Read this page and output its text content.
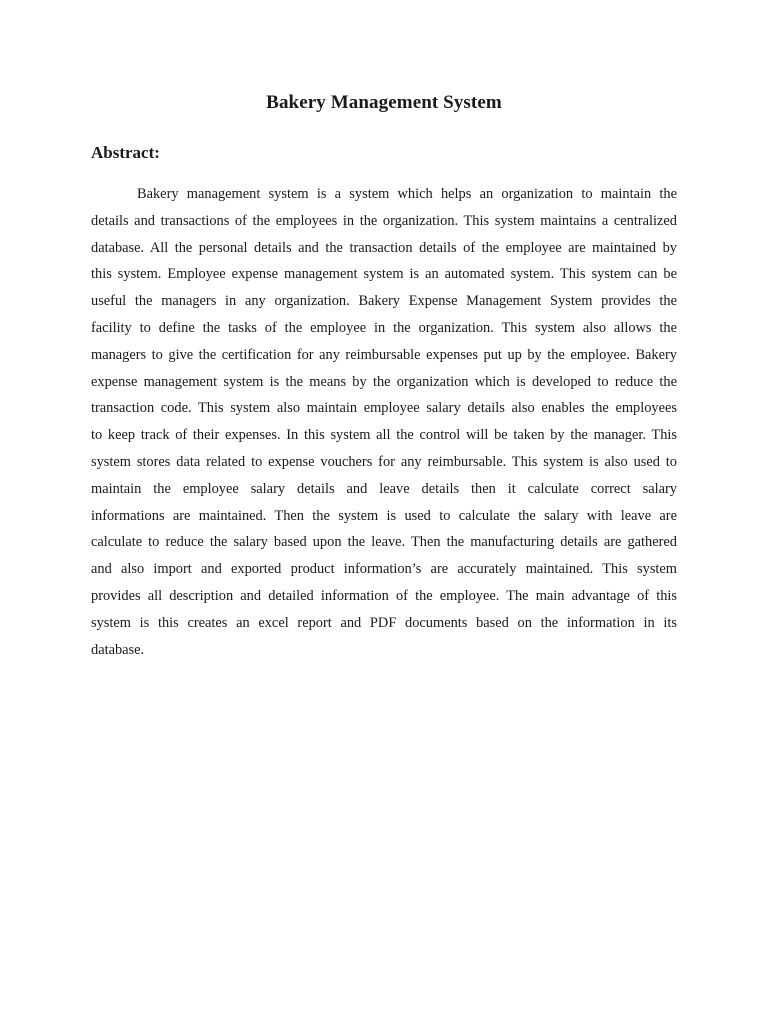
Bakery Management System
Abstract:
Bakery management system is a system which helps an organization to maintain the
details and transactions of the employees in the organization. This system maintains a centralized
database. All the personal details and the transaction details of the employee are maintained by
this system. Employee expense management system is an automated system. This system can be
useful the managers in any organization. Bakery Expense Management System provides the
facility to define the tasks of the employee in the organization. This system also allows the
managers to give the certification for any reimbursable expenses put up by the employee. Bakery
expense management system is the means by the organization which is developed to reduce the
transaction code. This system also maintain employee salary details also enables the employees
to keep track of their expenses. In this system all the control will be taken by the manager. This
system stores data related to expense vouchers for any reimbursable. This system is also used to
maintain the employee salary details and leave details then it calculate correct salary
informations are maintained. Then the system is used to calculate the salary with leave are
calculate to reduce the salary based upon the leave. Then the manufacturing details are gathered
and also import and exported product information’s are accurately maintained. This system
provides all description and detailed information of the employee. The main advantage of this
system is this creates an excel report and PDF documents based on the information in its
database.
